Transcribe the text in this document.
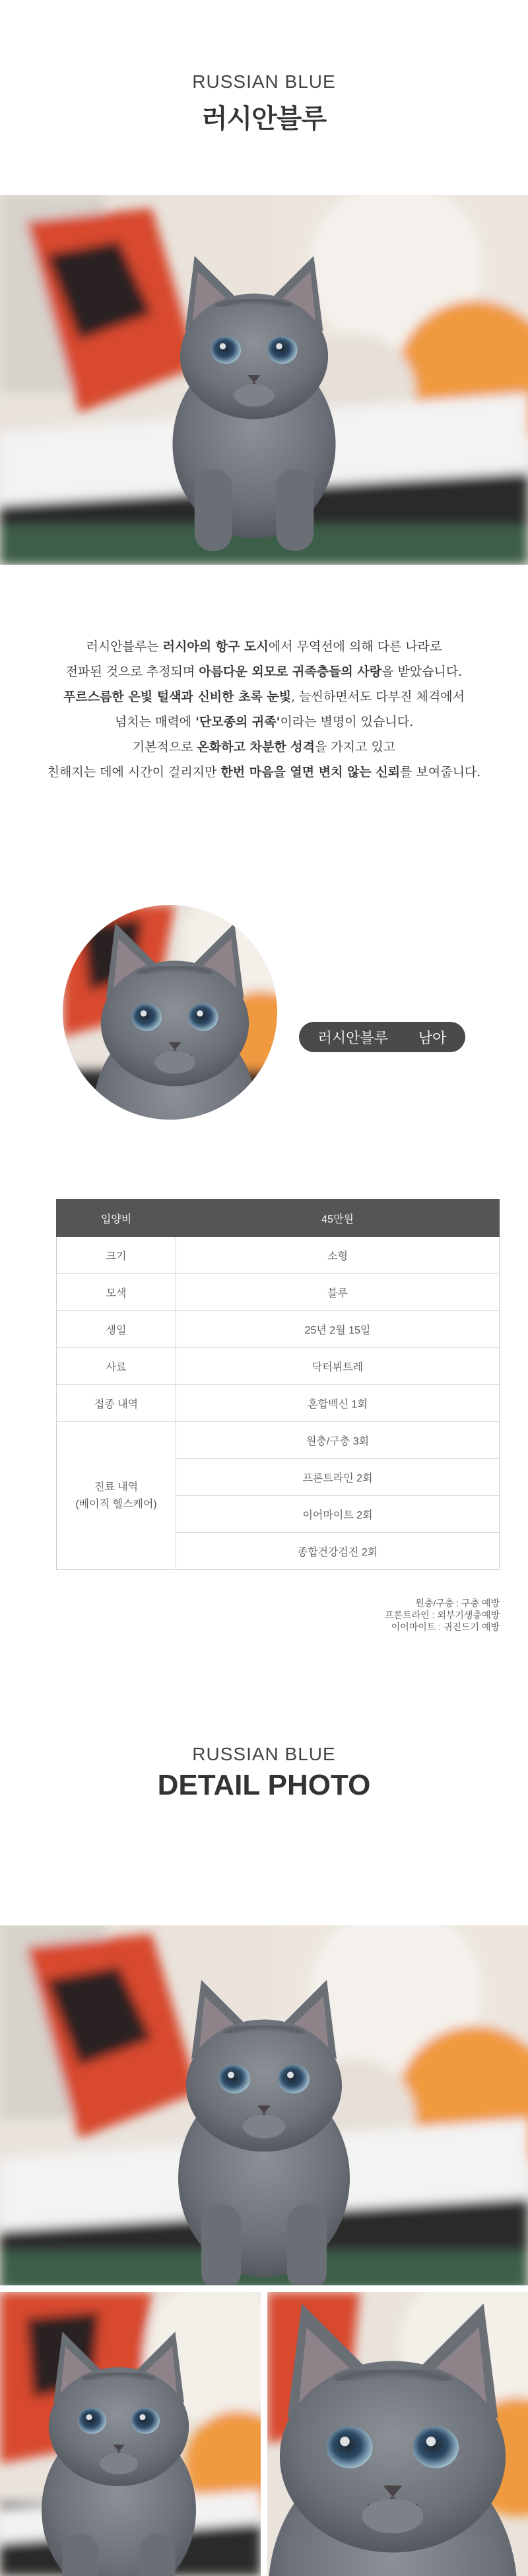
RUSSIAN BLUE
러시안블루
러시안블루는 러시아의 항구 도시에서 무역선에 의해 다른 나라로
전파된 것으로 추정되며 아름다운 외모로 귀족층들의 사랑을 받았습니다.
푸르스름한 은빛 털색과 신비한 초록 눈빛, 늘씬하면서도 다부진 체격에서
넘치는 매력에 '단모종의 귀족'이라는 별명이 있습니다.
기본적으로 온화하고 차분한 성격을 가지고 있고
친해지는 데에 시간이 걸리지만 한번 마음을 열면 변치 않는 신뢰를 보여줍니다.
러시안블루 남아
입양비	45만원
크기	소형
모색	블루
생일	25년 2월 15일
사료	닥터뷔트레
접종 내역	혼합백신 1회

진료 내역
(베이직 헬스케어)	원충/구충 3회
	프론트라인 2회
	이어마이트 2회
	종합건강검진 2회
원충/구충 : 구충 예방
프론트라인 : 외부기생충예방
이어마이트 : 귀진드기 예방
RUSSIAN BLUE
DETAIL PHOTO
